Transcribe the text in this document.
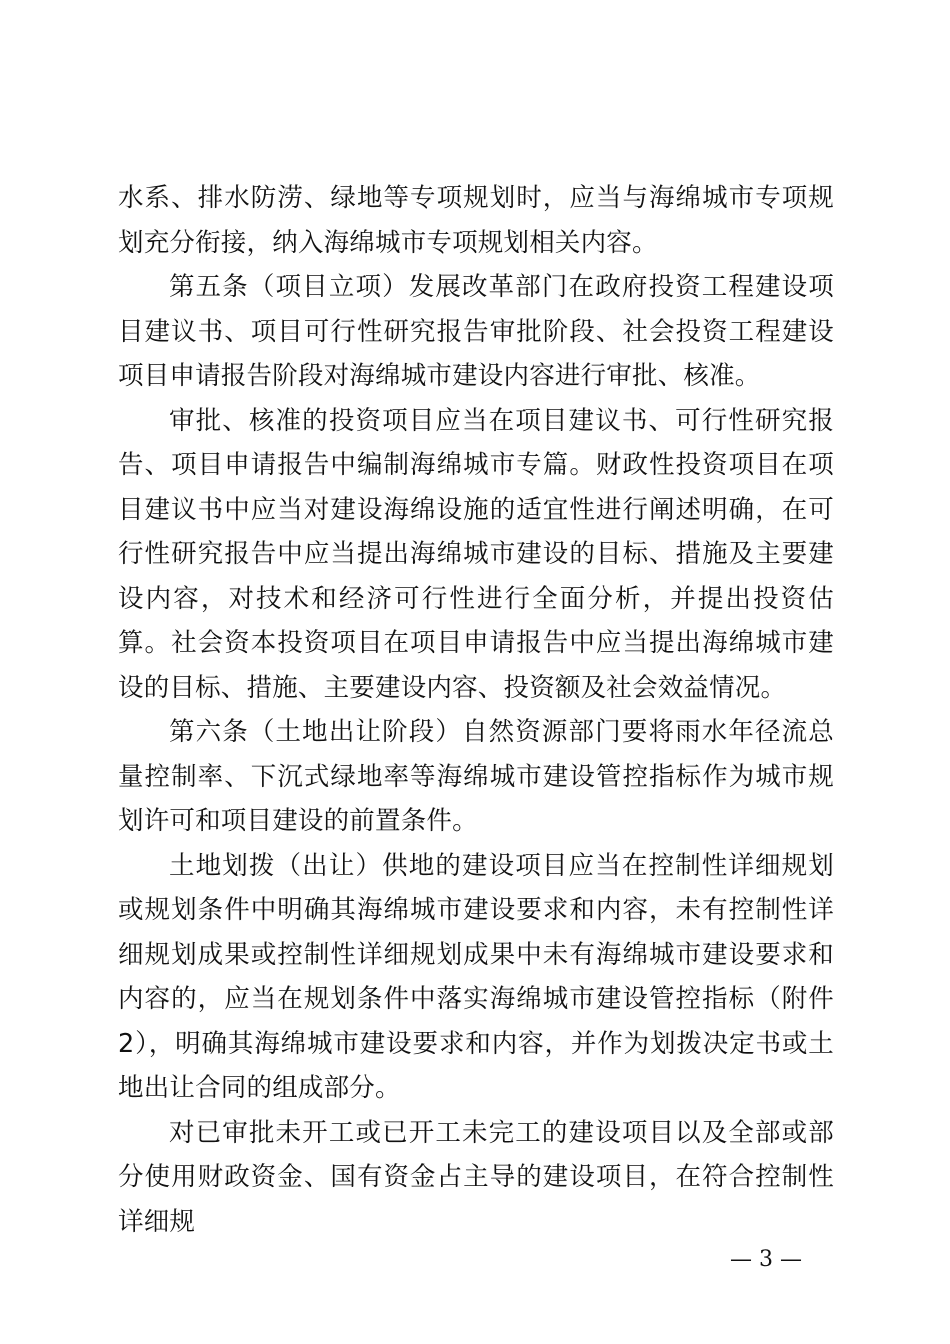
水系、排水防涝、绿地等专项规划时，应当与海绵城市专项规划充分衔接，纳入海绵城市专项规划相关内容。

第五条（项目立项）发展改革部门在政府投资工程建设项目建议书、项目可行性研究报告审批阶段、社会投资工程建设项目申请报告阶段对海绵城市建设内容进行审批、核准。

审批、核准的投资项目应当在项目建议书、可行性研究报告、项目申请报告中编制海绵城市专篇。财政性投资项目在项目建议书中应当对建设海绵设施的适宜性进行阐述明确，在可行性研究报告中应当提出海绵城市建设的目标、措施及主要建设内容，对技术和经济可行性进行全面分析，并提出投资估算。社会资本投资项目在项目申请报告中应当提出海绵城市建设的目标、措施、主要建设内容、投资额及社会效益情况。

第六条（土地出让阶段）自然资源部门要将雨水年径流总量控制率、下沉式绿地率等海绵城市建设管控指标作为城市规划许可和项目建设的前置条件。

土地划拨（出让）供地的建设项目应当在控制性详细规划或规划条件中明确其海绵城市建设要求和内容，未有控制性详细规划成果或控制性详细规划成果中未有海绵城市建设要求和内容的，应当在规划条件中落实海绵城市建设管控指标（附件2），明确其海绵城市建设要求和内容，并作为划拨决定书或土地出让合同的组成部分。

对已审批未开工或已开工未完工的建设项目以及全部或部分使用财政资金、国有资金占主导的建设项目，在符合控制性详细规

— 3 —
